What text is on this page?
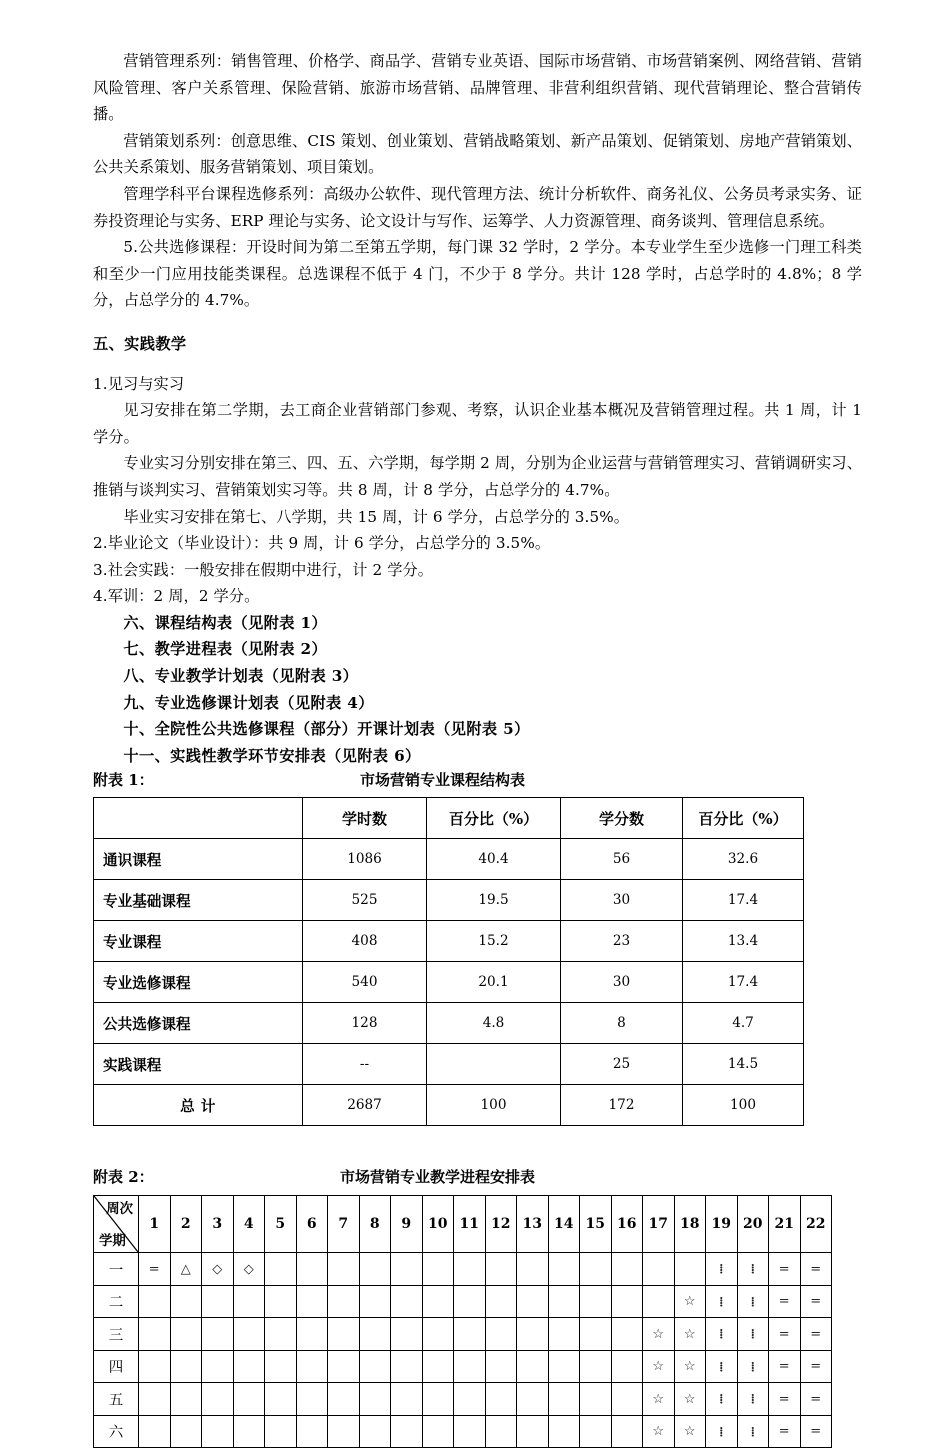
营销管理系列：销售管理、价格学、商品学、营销专业英语、国际市场营销、市场营销案例、网络营销、营销风险管理、客户关系管理、保险营销、旅游市场营销、品牌管理、非营利组织营销、现代营销理论、整合营销传播。

营销策划系列：创意思维、CIS 策划、创业策划、营销战略策划、新产品策划、促销策划、房地产营销策划、公共关系策划、服务营销策划、项目策划。

管理学科平台课程选修系列：高级办公软件、现代管理方法、统计分析软件、商务礼仪、公务员考录实务、证券投资理论与实务、ERP 理论与实务、论文设计与写作、运筹学、人力资源管理、商务谈判、管理信息系统。

5.公共选修课程：开设时间为第二至第五学期，每门课 32 学时，2 学分。本专业学生至少选修一门理工科类和至少一门应用技能类课程。总选课程不低于 4 门，不少于 8 学分。共计 128 学时，占总学时的 4.8%；8 学分，占总学分的 4.7%。

五、实践教学

1.见习与实习

见习安排在第二学期，去工商企业营销部门参观、考察，认识企业基本概况及营销管理过程。共 1 周，计 1 学分。

专业实习分别安排在第三、四、五、六学期，每学期 2 周，分别为企业运营与营销管理实习、营销调研实习、推销与谈判实习、营销策划实习等。共 8 周，计 8 学分，占总学分的 4.7%。

毕业实习安排在第七、八学期，共 15 周，计 6 学分，占总学分的 3.5%。

2.毕业论文（毕业设计）：共 9 周，计 6 学分，占总学分的 3.5%。

3.社会实践：一般安排在假期中进行，计 2 学分。

4.军训：2 周，2 学分。

六、课程结构表（见附表 1）

七、教学进程表（见附表 2）

八、专业教学计划表（见附表 3）

九、专业选修课计划表（见附表 4）

十、全院性公共选修课程（部分）开课计划表（见附表 5）

十一、实践性教学环节安排表（见附表 6）

附表 1：	市场营销专业课程结构表
	学时数	百分比（%）	学分数	百分比（%）
通识课程	1086	40.4	56	32.6
专业基础课程	525	19.5	30	17.4
专业课程	408	15.2	23	13.4
专业选修课程	540	20.1	30	17.4
公共选修课程	128	4.8	8	4.7
实践课程	--		25	14.5
总 计	2687	100	172	100
附表 2：	市场营销专业教学进程安排表
周次
学期	1	2	3	4	5	6	7	8	9	10	11	12	13	14	15	16	17	18	19	20	21	22
一	=	△	◇	◇															⁞	⁞	=	=
二																		☆	⁞	⁞	=	=
三																	☆	☆	⁞	⁞	=	=
四																	☆	☆	⁞	⁞	=	=
五																	☆	☆	⁞	⁞	=	=
六																	☆	☆	⁞	⁞	=	=
